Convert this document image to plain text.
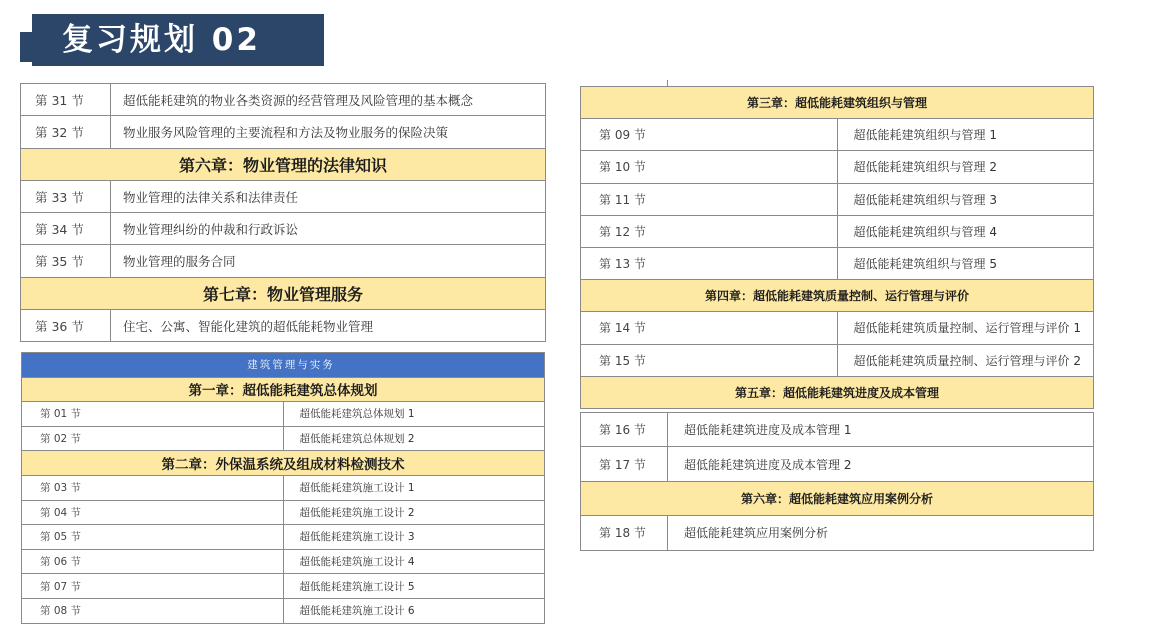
复习规划 02
第 31 节	超低能耗建筑的物业各类资源的经营管理及风险管理的基本概念
第 32 节	物业服务风险管理的主要流程和方法及物业服务的保险决策
第六章：物业管理的法律知识	
第 33 节	物业管理的法律关系和法律责任
第 34 节	物业管理纠纷的仲裁和行政诉讼
第 35 节	物业管理的服务合同
第七章：物业管理服务	
第 36 节	住宅、公寓、智能化建筑的超低能耗物业管理
建筑管理与实务	
第一章：超低能耗建筑总体规划	
第 01 节	超低能耗建筑总体规划 1
第 02 节	超低能耗建筑总体规划 2
第二章：外保温系统及组成材料检测技术	
第 03 节	超低能耗建筑施工设计 1
第 04 节	超低能耗建筑施工设计 2
第 05 节	超低能耗建筑施工设计 3
第 06 节	超低能耗建筑施工设计 4
第 07 节	超低能耗建筑施工设计 5
第 08 节	超低能耗建筑施工设计 6
第三章：超低能耗建筑组织与管理	
第 09 节	超低能耗建筑组织与管理 1
第 10 节	超低能耗建筑组织与管理 2
第 11 节	超低能耗建筑组织与管理 3
第 12 节	超低能耗建筑组织与管理 4
第 13 节	超低能耗建筑组织与管理 5
第四章：超低能耗建筑质量控制、运行管理与评价	
第 14 节	超低能耗建筑质量控制、运行管理与评价 1
第 15 节	超低能耗建筑质量控制、运行管理与评价 2
第五章：超低能耗建筑进度及成本管理	
第 16 节	超低能耗建筑进度及成本管理 1
第 17 节	超低能耗建筑进度及成本管理 2
第六章：超低能耗建筑应用案例分析	
第 18 节	超低能耗建筑应用案例分析
